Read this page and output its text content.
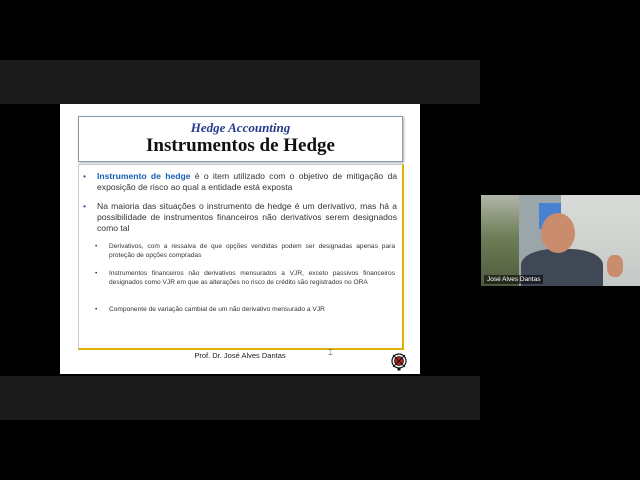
Hedge Accounting
Instrumentos de Hedge
• Instrumento de hedge é o item utilizado com o objetivo de mitigação da exposição de risco ao qual a entidade está exposta
• Na maioria das situações o instrumento de hedge é um derivativo, mas há a possibilidade de instrumentos financeiros não derivativos serem designados como tal
• Derivativos, com a ressalva de que opções vendidas podem ser designadas apenas para proteção de opções compradas
• Instrumentos financeiros não derivativos mensurados a VJR, exceto passivos financeiros designados como VJR em que as alterações no risco de crédito são registrados no ORA
• Componente de variação cambial de um não derivativo mensurado a VJR
Prof. Dr. José Alves Dantas	⌶
José Alves Dantas
